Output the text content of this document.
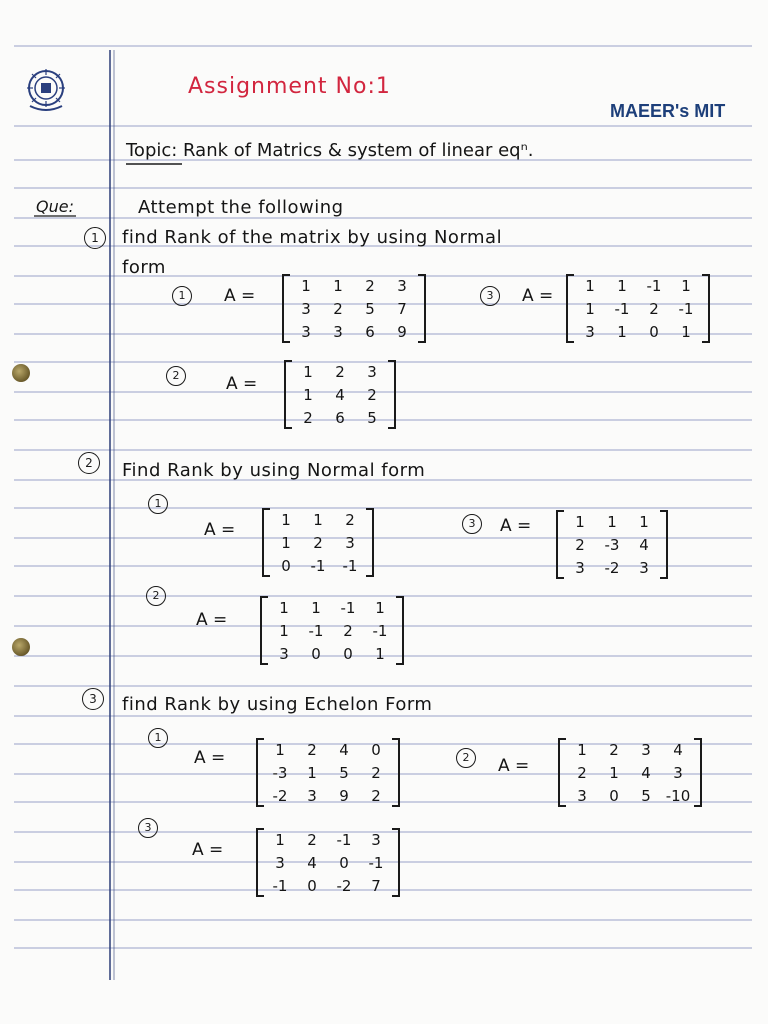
Assignment No:1
MAEER's MIT
Topic: Rank of Matrics & system of linear eqⁿ.
Que:	Attempt the following
1	find Rank of the matrix by using Normal
form
1	A =
1	1	2	3
3	2	5	7
3	3	6	9
3	A =
1	1	-1	1
1	-1	2	-1
3	1	0	1
2	A =
1	2	3
1	4	2
2	6	5
2	Find Rank by using Normal form
1
A =
1	1	2
1	2	3
0	-1	-1
3	A =	1	1	1
2	-3	4
3	-2	3
2
A =
1	1	-1	1
1	-1	2	-1
3	0	0	1
3	find Rank by using Echelon Form
1
A =	1	2	4	0
-3	1	5	2
-2	3	9	2
2	A =
1	2	3	4
2	1	4	3
3	0	5 -10
3
A =
1	2	-1	3
3	4	0	-1
-1	0	-2	7
